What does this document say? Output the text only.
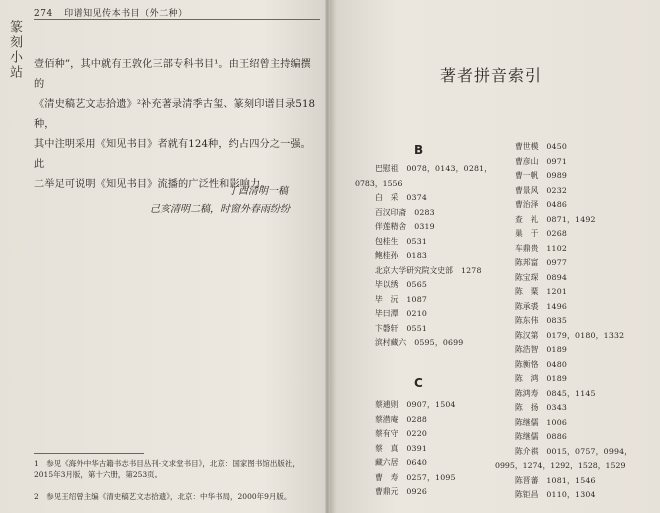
274 印谱知见传本书目（外二种）
篆刻小站 壹佰种”，其中就有王敦化三部专科书目¹。由王绍曾主持编撰的

《清史稿艺文志拾遗》²补充著录清季古玺、篆刻印谱目录518种，

其中注明采用《知见书目》者就有124种，约占四分之一强。此

二举足可说明《知见书目》流播的广泛性和影响力。

丁酉清明一稿
己亥清明二稿，时窗外春雨纷纷
1　参见《海外中华古籍书志书目丛刊·文求堂书目》，北京：国家图书馆出版社，2015年3月版，第十六册，第253页。
2　参见王绍曾主编《清史稿艺文志拾遗》，北京：中华书局，2000年9月版。
著者拼音索引
B
C
巴慰祖 0078，0143，0281，
0783，1556
白　采 0374
百汉印斋 0283
伴莲精舍 0319
包桂生 0531
鲍桂孙 0183
北京大学研究院文史部 1278
毕以绣 0565
毕　沅 1087
毕曰潭 0210
卞磐轩 0551
滨村藏六 0595，0699
蔡逋则 0907，1504
蔡潜庵 0288
蔡有守 0220
蔡　真 0391
藏六居 0640
曹　寿 0257，1095
曹鼎元 0926
曹世模 0450
曹彦山 0971
曹一帆 0989
曹景风 0232
曹治泽 0486
查　礼 0871，1492
巢　于 0268
车鼎贵 1102
陈邦富 0977
陈宝琛 0894
陈　粟 1201
陈承裘 1496
陈东伟 0835
陈汉第 0179，0180，1332
陈浩智 0189
陈衡恪 0480
陈　鸿 0189
陈鸿寿 0845，1145
陈　扬 0343
陈继儒 1006
陈继儒 0886
陈介祺 0015，0757，0994，
0995，1274，1292，1528，1529
陈晋蕃 1081，1546
陈钜昌 0110，1304
